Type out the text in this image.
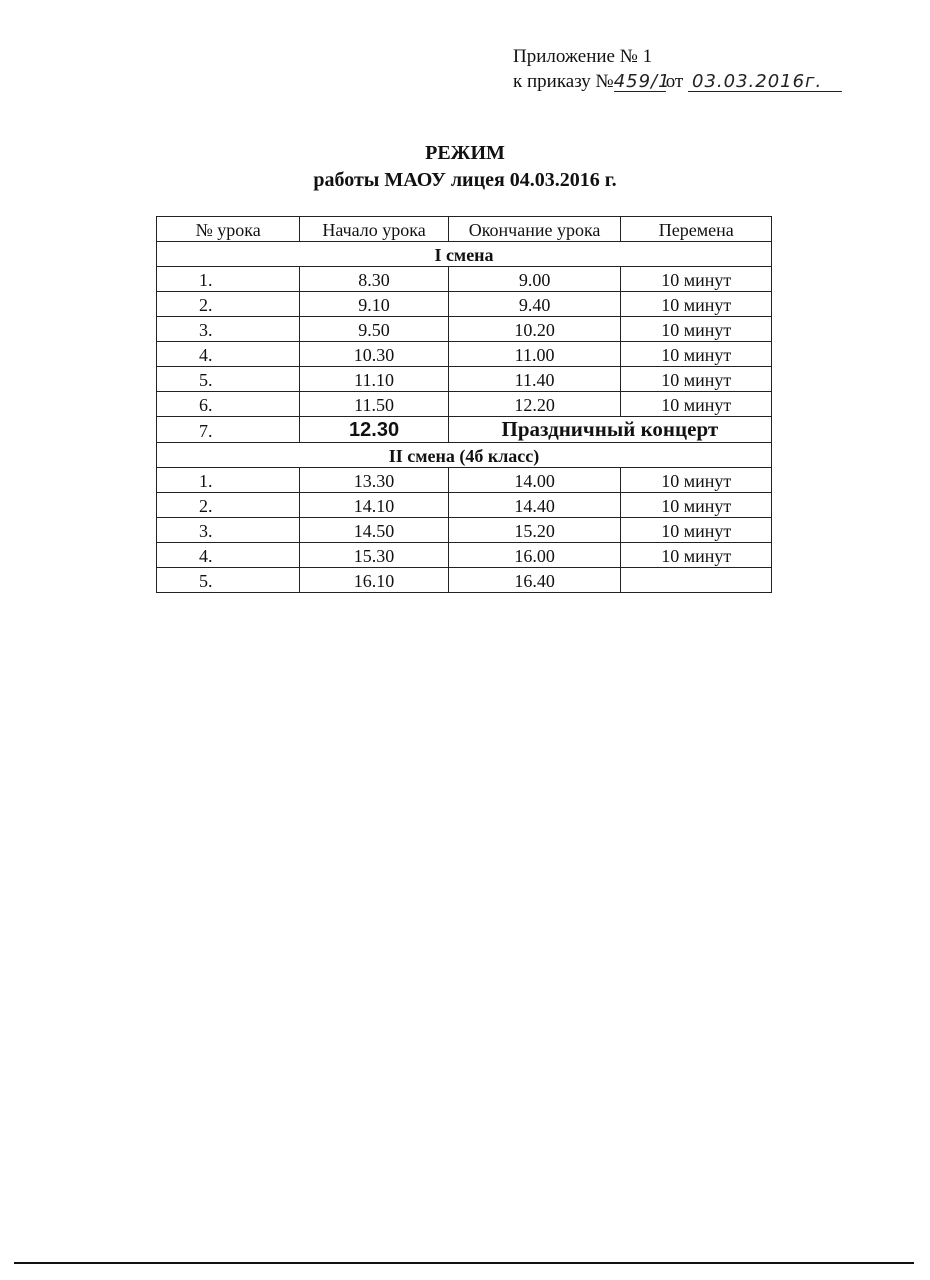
Приложение № 1
к приказу №459/1от 03.03.2016г.
РЕЖИМ
работы МАОУ лицея 04.03.2016 г.
№ урока	Начало урока	Окончание урока	Перемена
I смена			
1.	8.30	9.00	10 минут
2.	9.10	9.40	10 минут
3.	9.50	10.20	10 минут
4.	10.30	11.00	10 минут
5.	11.10	11.40	10 минут
6.	11.50	12.20	10 минут
7.	12.30	Праздничный концерт	
II смена (4б класс)			
1.	13.30	14.00	10 минут
2.	14.10	14.40	10 минут
3.	14.50	15.20	10 минут
4.	15.30	16.00	10 минут
5.	16.10	16.40	
